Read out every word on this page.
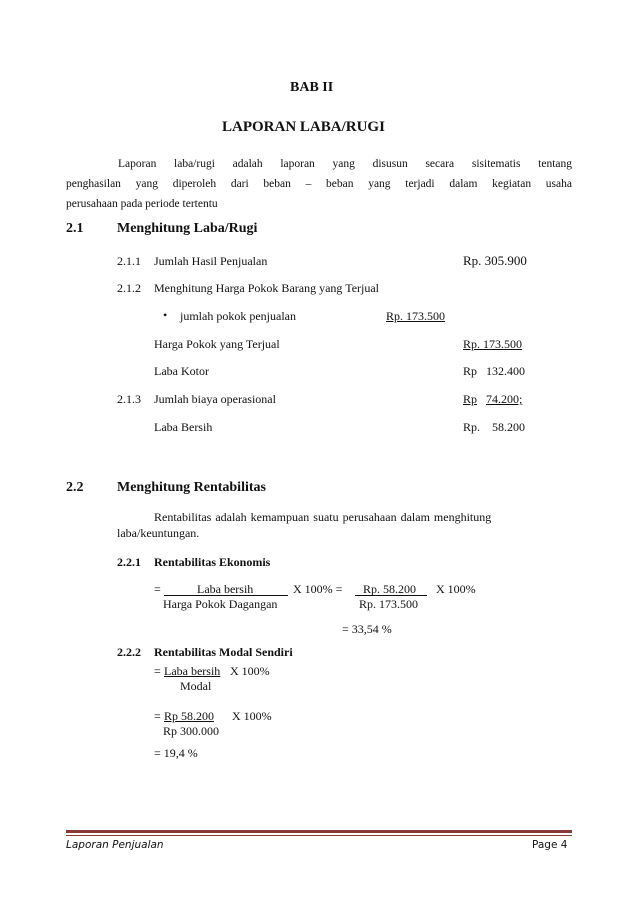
BAB II
LAPORAN LABA/RUGI
Laporan laba/rugi adalah laporan yang disusun secara sisitematis tentang
penghasilan yang diperoleh dari beban – beban yang terjadi dalam kegiatan usaha
perusahaan pada periode tertentu
2.1 Menghitung Laba/Rugi
2.1.1 Jumlah Hasil Penjualan	Rp. 305.900
2.1.2 Menghitung Harga Pokok Barang yang Terjual
• jumlah pokok penjualan	Rp. 173.500
Harga Pokok yang Terjual	Rp. 173.500
Laba Kotor	Rp   132.400
2.1.3 Jumlah biaya operasional	Rp 74.200;
Laba Bersih	Rp.    58.200
2.2 Menghitung Rentabilitas
Rentabilitas adalah kemampuan suatu perusahaan dalam menghitung
laba/keuntungan.
2.2.1 Rentabilitas Ekonomis
=	Laba bersih
Harga Pokok Dagangan
X 100% = Rp. 58.200
Rp. 173.500
X 100%
= 33,54 %
2.2.2 Rentabilitas Modal Sendiri
= Laba bersih X 100%
Modal
= Rp 58.200	X 100%
Rp 300.000
= 19,4 %
Laporan Penjualan	Page 4
